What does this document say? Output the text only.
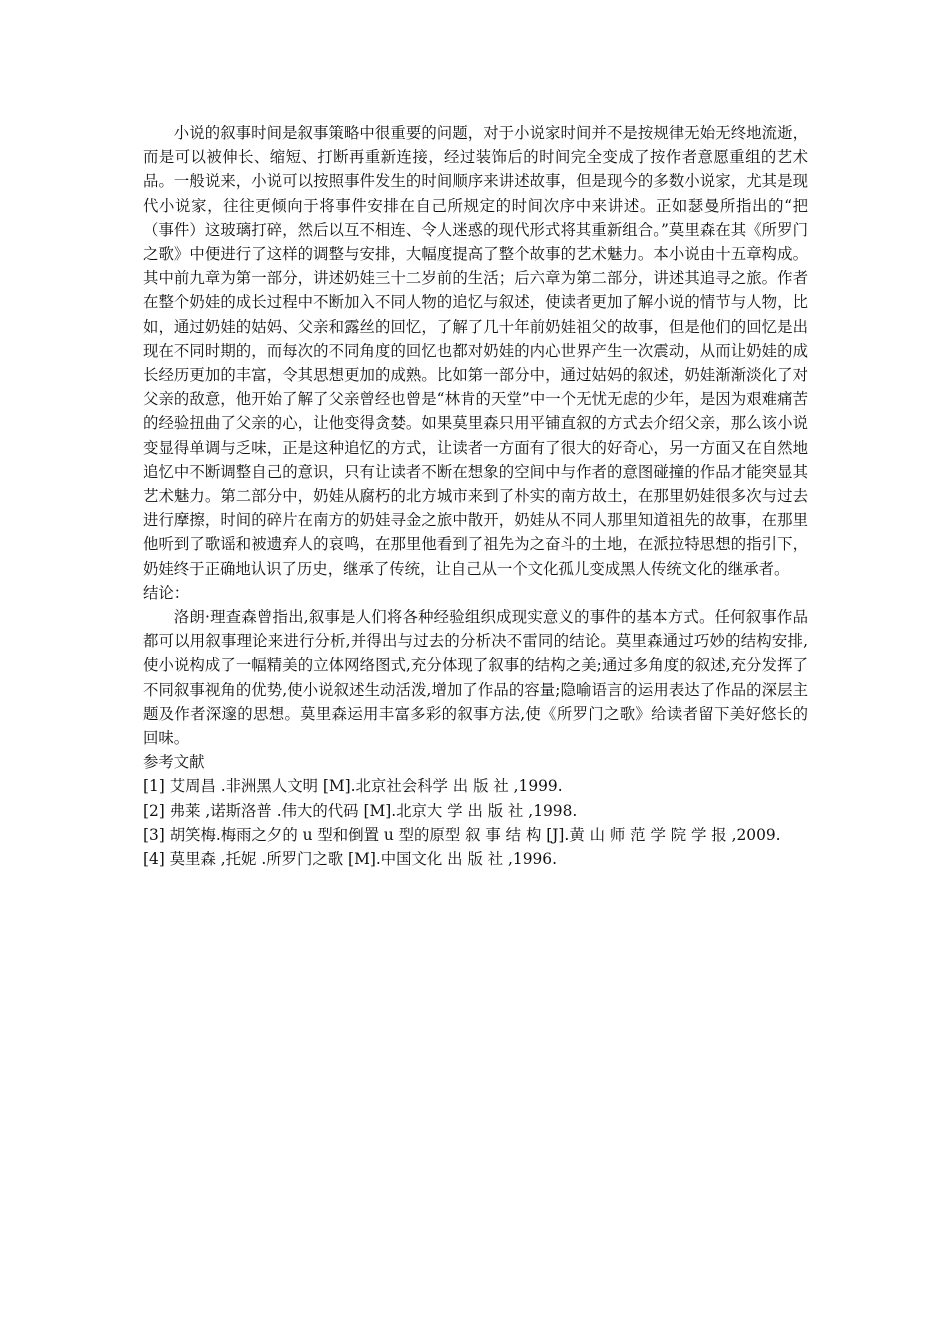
小说的叙事时间是叙事策略中很重要的问题，对于小说家时间并不是按规律无始无终地流逝，而是可以被伸长、缩短、打断再重新连接，经过装饰后的时间完全变成了按作者意愿重组的艺术品。一般说来，小说可以按照事件发生的时间顺序来讲述故事，但是现今的多数小说家，尤其是现代小说家，往往更倾向于将事件安排在自己所规定的时间次序中来讲述。正如瑟曼所指出的“把（事件）这玻璃打碎，然后以互不相连、令人迷惑的现代形式将其重新组合。”莫里森在其《所罗门之歌》中便进行了这样的调整与安排，大幅度提高了整个故事的艺术魅力。本小说由十五章构成。其中前九章为第一部分，讲述奶娃三十二岁前的生活；后六章为第二部分，讲述其追寻之旅。作者在整个奶娃的成长过程中不断加入不同人物的追忆与叙述，使读者更加了解小说的情节与人物，比如，通过奶娃的姑妈、父亲和露丝的回忆，了解了几十年前奶娃祖父的故事，但是他们的回忆是出现在不同时期的，而每次的不同角度的回忆也都对奶娃的内心世界产生一次震动，从而让奶娃的成长经历更加的丰富，令其思想更加的成熟。比如第一部分中，通过姑妈的叙述，奶娃渐渐淡化了对父亲的敌意，他开始了解了父亲曾经也曾是“林肯的天堂”中一个无忧无虑的少年，是因为艰难痛苦的经验扭曲了父亲的心，让他变得贪婪。如果莫里森只用平铺直叙的方式去介绍父亲，那么该小说变显得单调与乏味，正是这种追忆的方式，让读者一方面有了很大的好奇心，另一方面又在自然地追忆中不断调整自己的意识，只有让读者不断在想象的空间中与作者的意图碰撞的作品才能突显其艺术魅力。第二部分中，奶娃从腐朽的北方城市来到了朴实的南方故土，在那里奶娃很多次与过去进行摩擦，时间的碎片在南方的奶娃寻金之旅中散开，奶娃从不同人那里知道祖先的故事，在那里他听到了歌谣和被遗弃人的哀鸣，在那里他看到了祖先为之奋斗的土地，在派拉特思想的指引下，奶娃终于正确地认识了历史，继承了传统，让自己从一个文化孤儿变成黑人传统文化的继承者。

结论：

洛朗·理查森曾指出,叙事是人们将各种经验组织成现实意义的事件的基本方式。任何叙事作品都可以用叙事理论来进行分析,并得出与过去的分析决不雷同的结论。莫里森通过巧妙的结构安排,使小说构成了一幅精美的立体网络图式,充分体现了叙事的结构之美;通过多角度的叙述,充分发挥了不同叙事视角的优势,使小说叙述生动活泼,增加了作品的容量;隐喻语言的运用表达了作品的深层主题及作者深邃的思想。莫里森运用丰富多彩的叙事方法,使《所罗门之歌》给读者留下美好悠长的回味。

参考文献

[1] 艾周昌 .非洲黑人文明 [M].北京社会科学 出 版 社 ,1999.

[2] 弗莱 ,诺斯洛普 .伟大的代码 [M].北京大 学 出 版 社 ,1998.

[3] 胡笑梅.梅雨之夕的 u 型和倒置 u 型的原型 叙 事 结 构 [J].黄 山 师 范 学 院 学 报 ,2009.

[4] 莫里森 ,托妮 .所罗门之歌 [M].中国文化 出 版 社 ,1996.
